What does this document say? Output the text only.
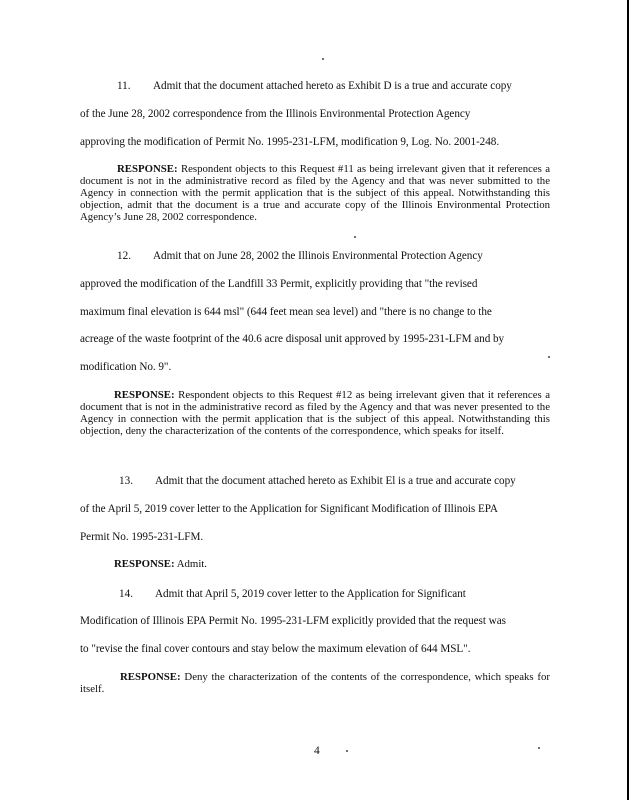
11. Admit that the document attached hereto as Exhibit D is a true and accurate copy
of the June 28, 2002 correspondence from the Illinois Environmental Protection Agency
approving the modification of Permit No. 1995-231-LFM, modification 9, Log. No. 2001-248.
RESPONSE: Respondent objects to this Request #11 as being irrelevant given that it references a document is not in the administrative record as filed by the Agency and that was never submitted to the Agency in connection with the permit application that is the subject of this appeal. Notwithstanding this objection, admit that the document is a true and accurate copy of the Illinois Environmental Protection Agency’s June 28, 2002 correspondence.
12. Admit that on June 28, 2002 the Illinois Environmental Protection Agency
approved the modification of the Landfill 33 Permit, explicitly providing that "the revised
maximum final elevation is 644 msl" (644 feet mean sea level) and "there is no change to the
acreage of the waste footprint of the 40.6 acre disposal unit approved by 1995-231-LFM and by
modification No. 9".
RESPONSE: Respondent objects to this Request #12 as being irrelevant given that it references a document that is not in the administrative record as filed by the Agency and that was never presented to the Agency in connection with the permit application that is the subject of this appeal. Notwithstanding this objection, deny the characterization of the contents of the correspondence, which speaks for itself.
13. Admit that the document attached hereto as Exhibit El is a true and accurate copy
of the April 5, 2019 cover letter to the Application for Significant Modification of Illinois EPA
Permit No. 1995-231-LFM.
RESPONSE: Admit.
14. Admit that April 5, 2019 cover letter to the Application for Significant
Modification of Illinois EPA Permit No. 1995-231-LFM explicitly provided that the request was
to "revise the final cover contours and stay below the maximum elevation of 644 MSL".
RESPONSE: Deny the characterization of the contents of the correspondence, which speaks for itself.
4
